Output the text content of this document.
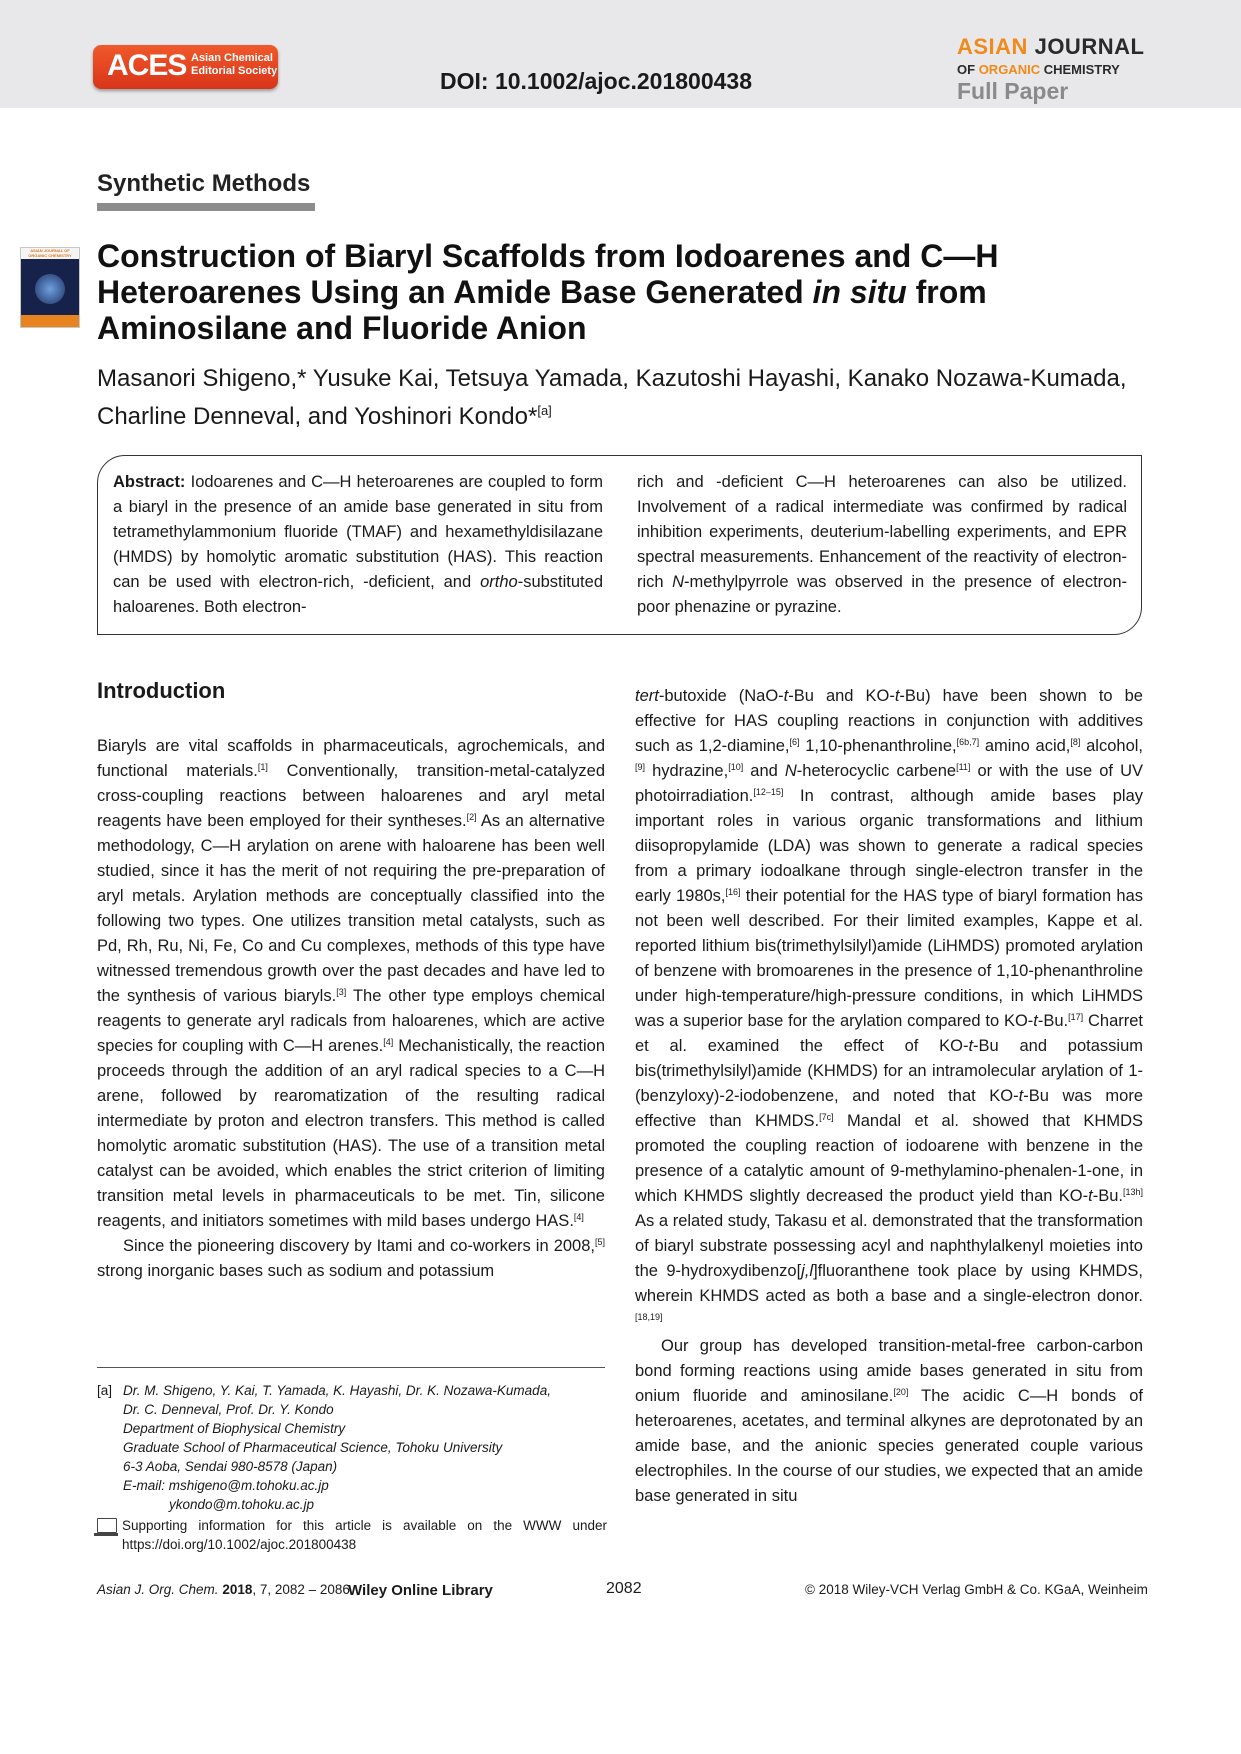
ACES Asian Chemical
Editorial Society	DOI: 10.1002/ajoc.201800438
ASIAN JOURNAL
OF ORGANIC CHEMISTRY
Full Paper
Synthetic Methods
ASIAN JOURNAL OF ORGANIC CHEMISTRY Construction of Biaryl Scaffolds from Iodoarenes and C—H Heteroarenes Using an Amide Base Generated in situ from Aminosilane and Fluoride Anion
Masanori Shigeno,* Yusuke Kai, Tetsuya Yamada, Kazutoshi Hayashi, Kanako Nozawa-Kumada, Charline Denneval, and Yoshinori Kondo*[a]

Abstract: Iodoarenes and C—H heteroarenes are coupled to form a biaryl in the presence of an amide base generated in situ from tetramethylammonium fluoride (TMAF) and hexamethyldisilazane (HMDS) by homolytic aromatic substitution (HAS). This reaction can be used with electron-rich, -deficient, and ortho-substituted haloarenes. Both electron-

rich and -deficient C—H heteroarenes can also be utilized. Involvement of a radical intermediate was confirmed by radical inhibition experiments, deuterium-labelling experiments, and EPR spectral measurements. Enhancement of the reactivity of electron-rich N-methylpyrrole was observed in the presence of electron-poor phenazine or pyrazine.

Introduction

Biaryls are vital scaffolds in pharmaceuticals, agrochemicals, and functional materials.[1] Conventionally, transition-metal-catalyzed cross-coupling reactions between haloarenes and aryl metal reagents have been employed for their syntheses.[2] As an alternative methodology, C—H arylation on arene with haloarene has been well studied, since it has the merit of not requiring the pre-preparation of aryl metals. Arylation methods are conceptually classified into the following two types. One utilizes transition metal catalysts, such as Pd, Rh, Ru, Ni, Fe, Co and Cu complexes, methods of this type have witnessed tremendous growth over the past decades and have led to the synthesis of various biaryls.[3] The other type employs chemical reagents to generate aryl radicals from haloarenes, which are active species for coupling with C—H arenes.[4] Mechanistically, the reaction proceeds through the addition of an aryl radical species to a C—H arene, followed by rearomatization of the resulting radical intermediate by proton and electron transfers. This method is called homolytic aromatic substitution (HAS). The use of a transition metal catalyst can be avoided, which enables the strict criterion of limiting transition metal levels in pharmaceuticals to be met. Tin, silicone reagents, and initiators sometimes with mild bases undergo HAS.[4]

Since the pioneering discovery by Itami and co-workers in 2008,[5] strong inorganic bases such as sodium and potassium

tert-butoxide (NaO-t-Bu and KO-t-Bu) have been shown to be effective for HAS coupling reactions in conjunction with additives such as 1,2-diamine,[6] 1,10-phenanthroline,[6b,7] amino acid,[8] alcohol,[9] hydrazine,[10] and N-heterocyclic carbene[11] or with the use of UV photoirradiation.[12–15] In contrast, although amide bases play important roles in various organic transformations and lithium diisopropylamide (LDA) was shown to generate a radical species from a primary iodoalkane through single-electron transfer in the early 1980s,[16] their potential for the HAS type of biaryl formation has not been well described. For their limited examples, Kappe et al. reported lithium bis(trimethylsilyl)amide (LiHMDS) promoted arylation of benzene with bromoarenes in the presence of 1,10-phenanthroline under high-temperature/high-pressure conditions, in which LiHMDS was a superior base for the arylation compared to KO-t-Bu.[17] Charret et al. examined the effect of KO-t-Bu and potassium bis(trimethylsilyl)amide (KHMDS) for an intramolecular arylation of 1-(benzyloxy)-2-iodobenzene, and noted that KO-t-Bu was more effective than KHMDS.[7c] Mandal et al. showed that KHMDS promoted the coupling reaction of iodoarene with benzene in the presence of a catalytic amount of 9-methylamino-phenalen-1-one, in which KHMDS slightly decreased the product yield than KO-t-Bu.[13h] As a related study, Takasu et al. demonstrated that the transformation of biaryl substrate possessing acyl and naphthylalkenyl moieties into the 9-hydroxydibenzo[j,l]fluoranthene took place by using KHMDS, wherein KHMDS acted as both a base and a single-electron donor.[18,19]

Our group has developed transition-metal-free carbon-carbon bond forming reactions using amide bases generated in situ from onium fluoride and aminosilane.[20] The acidic C—H bonds of heteroarenes, acetates, and terminal alkynes are deprotonated by an amide base, and the anionic species generated couple various electrophiles. In the course of our studies, we expected that an amide base generated in situ

[a] Dr. M. Shigeno, Y. Kai, T. Yamada, K. Hayashi, Dr. K. Nozawa-Kumada,
Dr. C. Denneval, Prof. Dr. Y. Kondo
Department of Biophysical Chemistry
Graduate School of Pharmaceutical Science, Tohoku University
6-3 Aoba, Sendai 980-8578 (Japan)
E-mail: mshigeno@m.tohoku.ac.jp
ykondo@m.tohoku.ac.jp
Supporting information for this article is available on the WWW under https://doi.org/10.1002/ajoc.201800438
Asian J. Org. Chem. 2018, 7, 2082 – 2086
Wiley Online Library	2082	© 2018 Wiley-VCH Verlag GmbH & Co. KGaA, Weinheim
